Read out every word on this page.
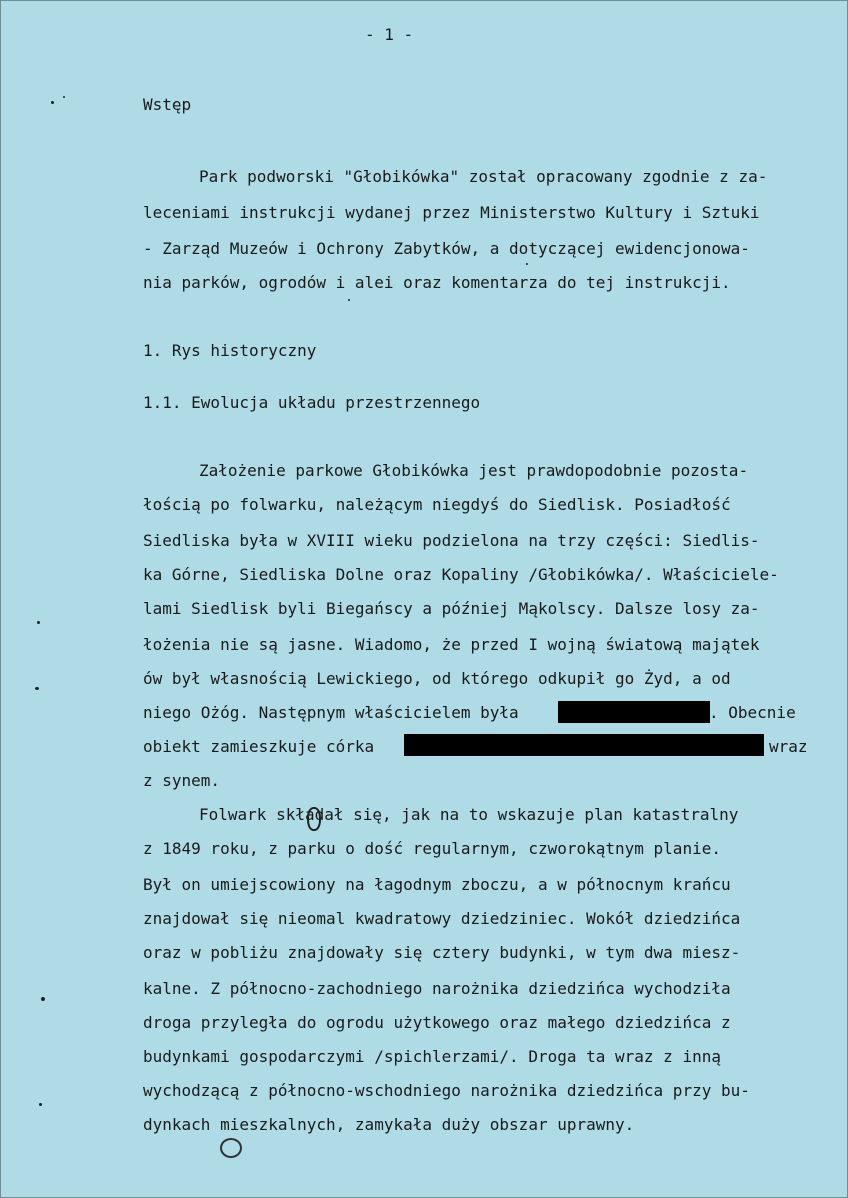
- 1 -
Wstęp
Park podworski "Głobikówka" został opracowany zgodnie z za-
leceniami instrukcji wydanej przez Ministerstwo Kultury i Sztuki
- Zarząd Muzeów i Ochrony Zabytków, a dotyczącej ewidencjonowa-
nia parków, ogrodów i alei oraz komentarza do tej instrukcji.
1. Rys historyczny
1.1. Ewolucja układu przestrzennego
Założenie parkowe Głobikówka jest prawdopodobnie pozosta-
łością po folwarku, należącym niegdyś do Siedlisk. Posiadłość
Siedliska była w XVIII wieku podzielona na trzy części: Siedlis-
ka Górne, Siedliska Dolne oraz Kopaliny /Głobikówka/. Właściciele-
lami Siedlisk byli Biegańscy a później Mąkolscy. Dalsze losy za-
łożenia nie są jasne. Wiadomo, że przed I wojną światową majątek
ów był własnością Lewickiego, od którego odkupił go Żyd, a od
niego Ożóg. Następnym właścicielem była	. Obecnie
obiekt zamieszkuje córka	wraz
z synem.
Folwark składał się, jak na to wskazuje plan katastralny
z 1849 roku, z parku o dość regularnym, czworokątnym planie.
Był on umiejscowiony na łagodnym zboczu, a w północnym krańcu
znajdował się nieomal kwadratowy dziedziniec. Wokół dziedzińca
oraz w pobliżu znajdowały się cztery budynki, w tym dwa miesz-
kalne. Z północno-zachodniego narożnika dziedzińca wychodziła
droga przyległa do ogrodu użytkowego oraz małego dziedzińca z
budynkami gospodarczymi /spichlerzami/. Droga ta wraz z inną
wychodzącą z północno-wschodniego narożnika dziedzińca przy bu-
dynkach mieszkalnych, zamykała duży obszar uprawny.
